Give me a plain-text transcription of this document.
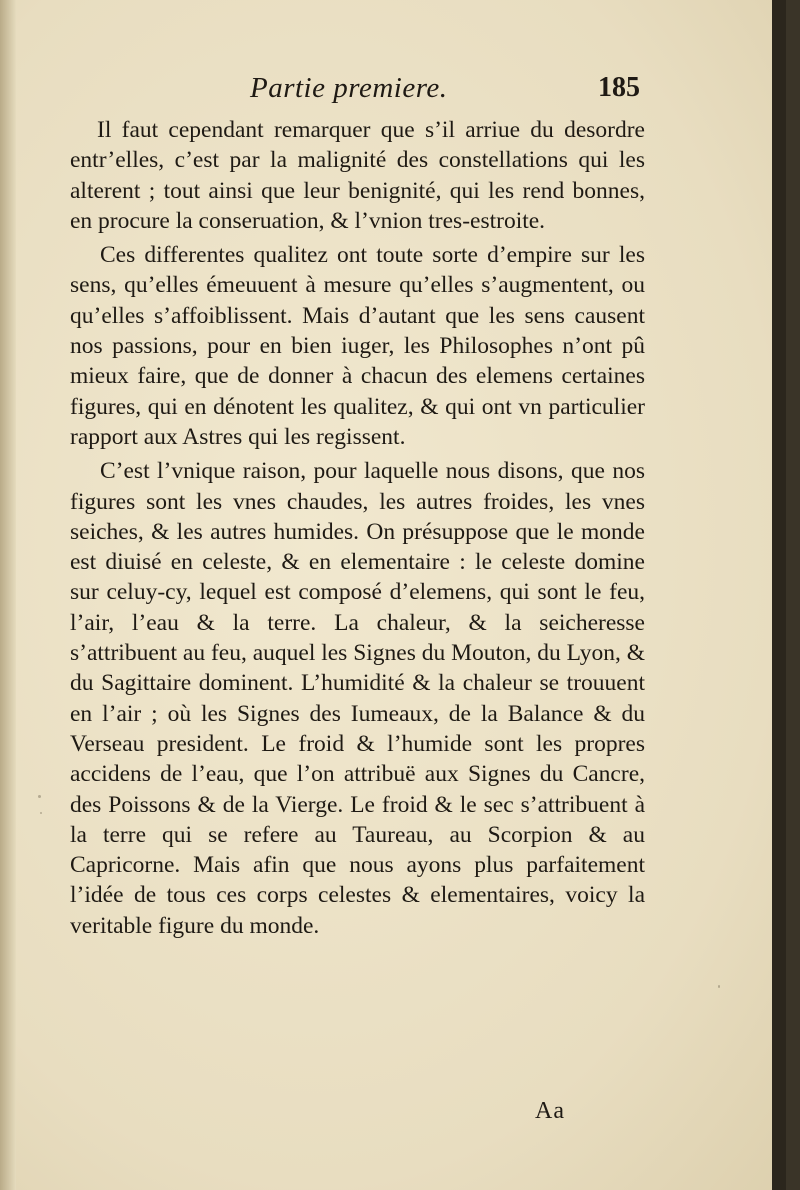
Partie premiere.	185

Il faut cependant remarquer que s’il arriue du desordre entr’elles, c’est par la malignité des constellations qui les alterent ; tout ainsi que leur benignité, qui les rend bonnes, en procure la conseruation, & l’vnion tres-estroite.

Ces differentes qualitez ont toute sorte d’empire sur les sens, qu’elles émeuuent à mesure qu’elles s’augmentent, ou qu’elles s’affoiblissent. Mais d’autant que les sens causent nos passions, pour en bien iuger, les Philosophes n’ont pû mieux faire, que de donner à chacun des elemens certaines figures, qui en dénotent les qualitez, & qui ont vn particulier rapport aux Astres qui les regissent.

C’est l’vnique raison, pour laquelle nous disons, que nos figures sont les vnes chaudes, les autres froides, les vnes seiches, & les autres humides. On présuppose que le monde est diuisé en celeste, & en elementaire : le celeste domine sur celuy-cy, lequel est composé d’elemens, qui sont le feu, l’air, l’eau & la terre. La chaleur, & la seicheresse s’attribuent au feu, auquel les Signes du Mouton, du Lyon, & du Sagittaire dominent. L’humidité & la chaleur se trouuent en l’air ; où les Signes des Iumeaux, de la Balance & du Verseau president. Le froid & l’humide sont les propres accidens de l’eau, que l’on attribuë aux Signes du Cancre, des Poissons & de la Vierge. Le froid & le sec s’attribuent à la terre qui se refere au Taureau, au Scorpion & au Capricorne. Mais afin que nous ayons plus parfaitement l’idée de tous ces corps celestes & elementaires, voicy la veritable figure du monde.

Aa
